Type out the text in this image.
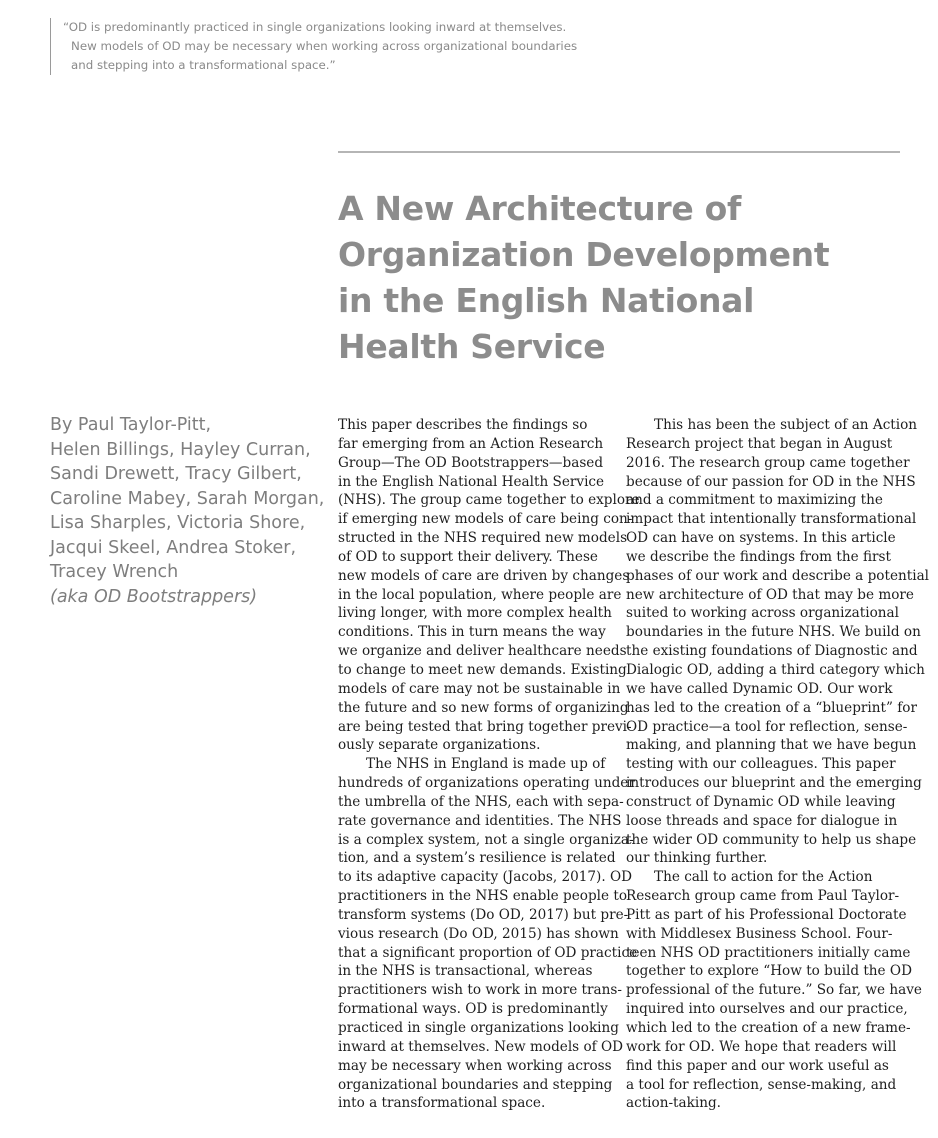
“OD is predominantly practiced in single organizations looking inward at themselves.
New models of OD may be necessary when working across organizational boundaries
and stepping into a transformational space.”
A New Architecture of
Organization Development
in the English National
Health Service
By Paul Taylor-Pitt,
Helen Billings, Hayley Curran,
Sandi Drewett, Tracy Gilbert,
Caroline Mabey, Sarah Morgan,
Lisa Sharples, Victoria Shore,
Jacqui Skeel, Andrea Stoker,
Tracey Wrench
(aka OD Bootstrappers)
This paper describes the findings so
far emerging from an Action Research
Group—The OD Bootstrappers—based
in the English National Health Service
(NHS). The group came together to explore
if emerging new models of care being con-
structed in the NHS required new models
of OD to support their delivery. These
new models of care are driven by changes
in the local population, where people are
living longer, with more complex health
conditions. This in turn means the way
we organize and deliver healthcare needs
to change to meet new demands. Existing
models of care may not be sustainable in
the future and so new forms of organizing
are being tested that bring together previ-
ously separate organizations.
The NHS in England is made up of
hundreds of organizations operating under
the umbrella of the NHS, each with sepa-
rate governance and identities. The NHS
is a complex system, not a single organiza-
tion, and a system’s resilience is related
to its adaptive capacity (Jacobs, 2017). OD
practitioners in the NHS enable people to
transform systems (Do OD, 2017) but pre-
vious research (Do OD, 2015) has shown
that a significant proportion of OD practice
in the NHS is transactional, whereas
practitioners wish to work in more trans-
formational ways. OD is predominantly
practiced in single organizations looking
inward at themselves. New models of OD
may be necessary when working across
organizational boundaries and stepping
into a transformational space.
This has been the subject of an Action
Research project that began in August
2016. The research group came together
because of our passion for OD in the NHS
and a commitment to maximizing the
impact that intentionally transformational
OD can have on systems. In this article
we describe the findings from the first
phases of our work and describe a potential
new architecture of OD that may be more
suited to working across organizational
boundaries in the future NHS. We build on
the existing foundations of Diagnostic and
Dialogic OD, adding a third category which
we have called Dynamic OD. Our work
has led to the creation of a “blueprint” for
OD practice—a tool for reflection, sense-
making, and planning that we have begun
testing with our colleagues. This paper
introduces our blueprint and the emerging
construct of Dynamic OD while leaving
loose threads and space for dialogue in
the wider OD community to help us shape
our thinking further.
The call to action for the Action
Research group came from Paul Taylor-
Pitt as part of his Professional Doctorate
with Middlesex Business School. Four-
teen NHS OD practitioners initially came
together to explore “How to build the OD
professional of the future.” So far, we have
inquired into ourselves and our practice,
which led to the creation of a new frame-
work for OD. We hope that readers will
find this paper and our work useful as
a tool for reflection, sense-making, and
action-taking.
